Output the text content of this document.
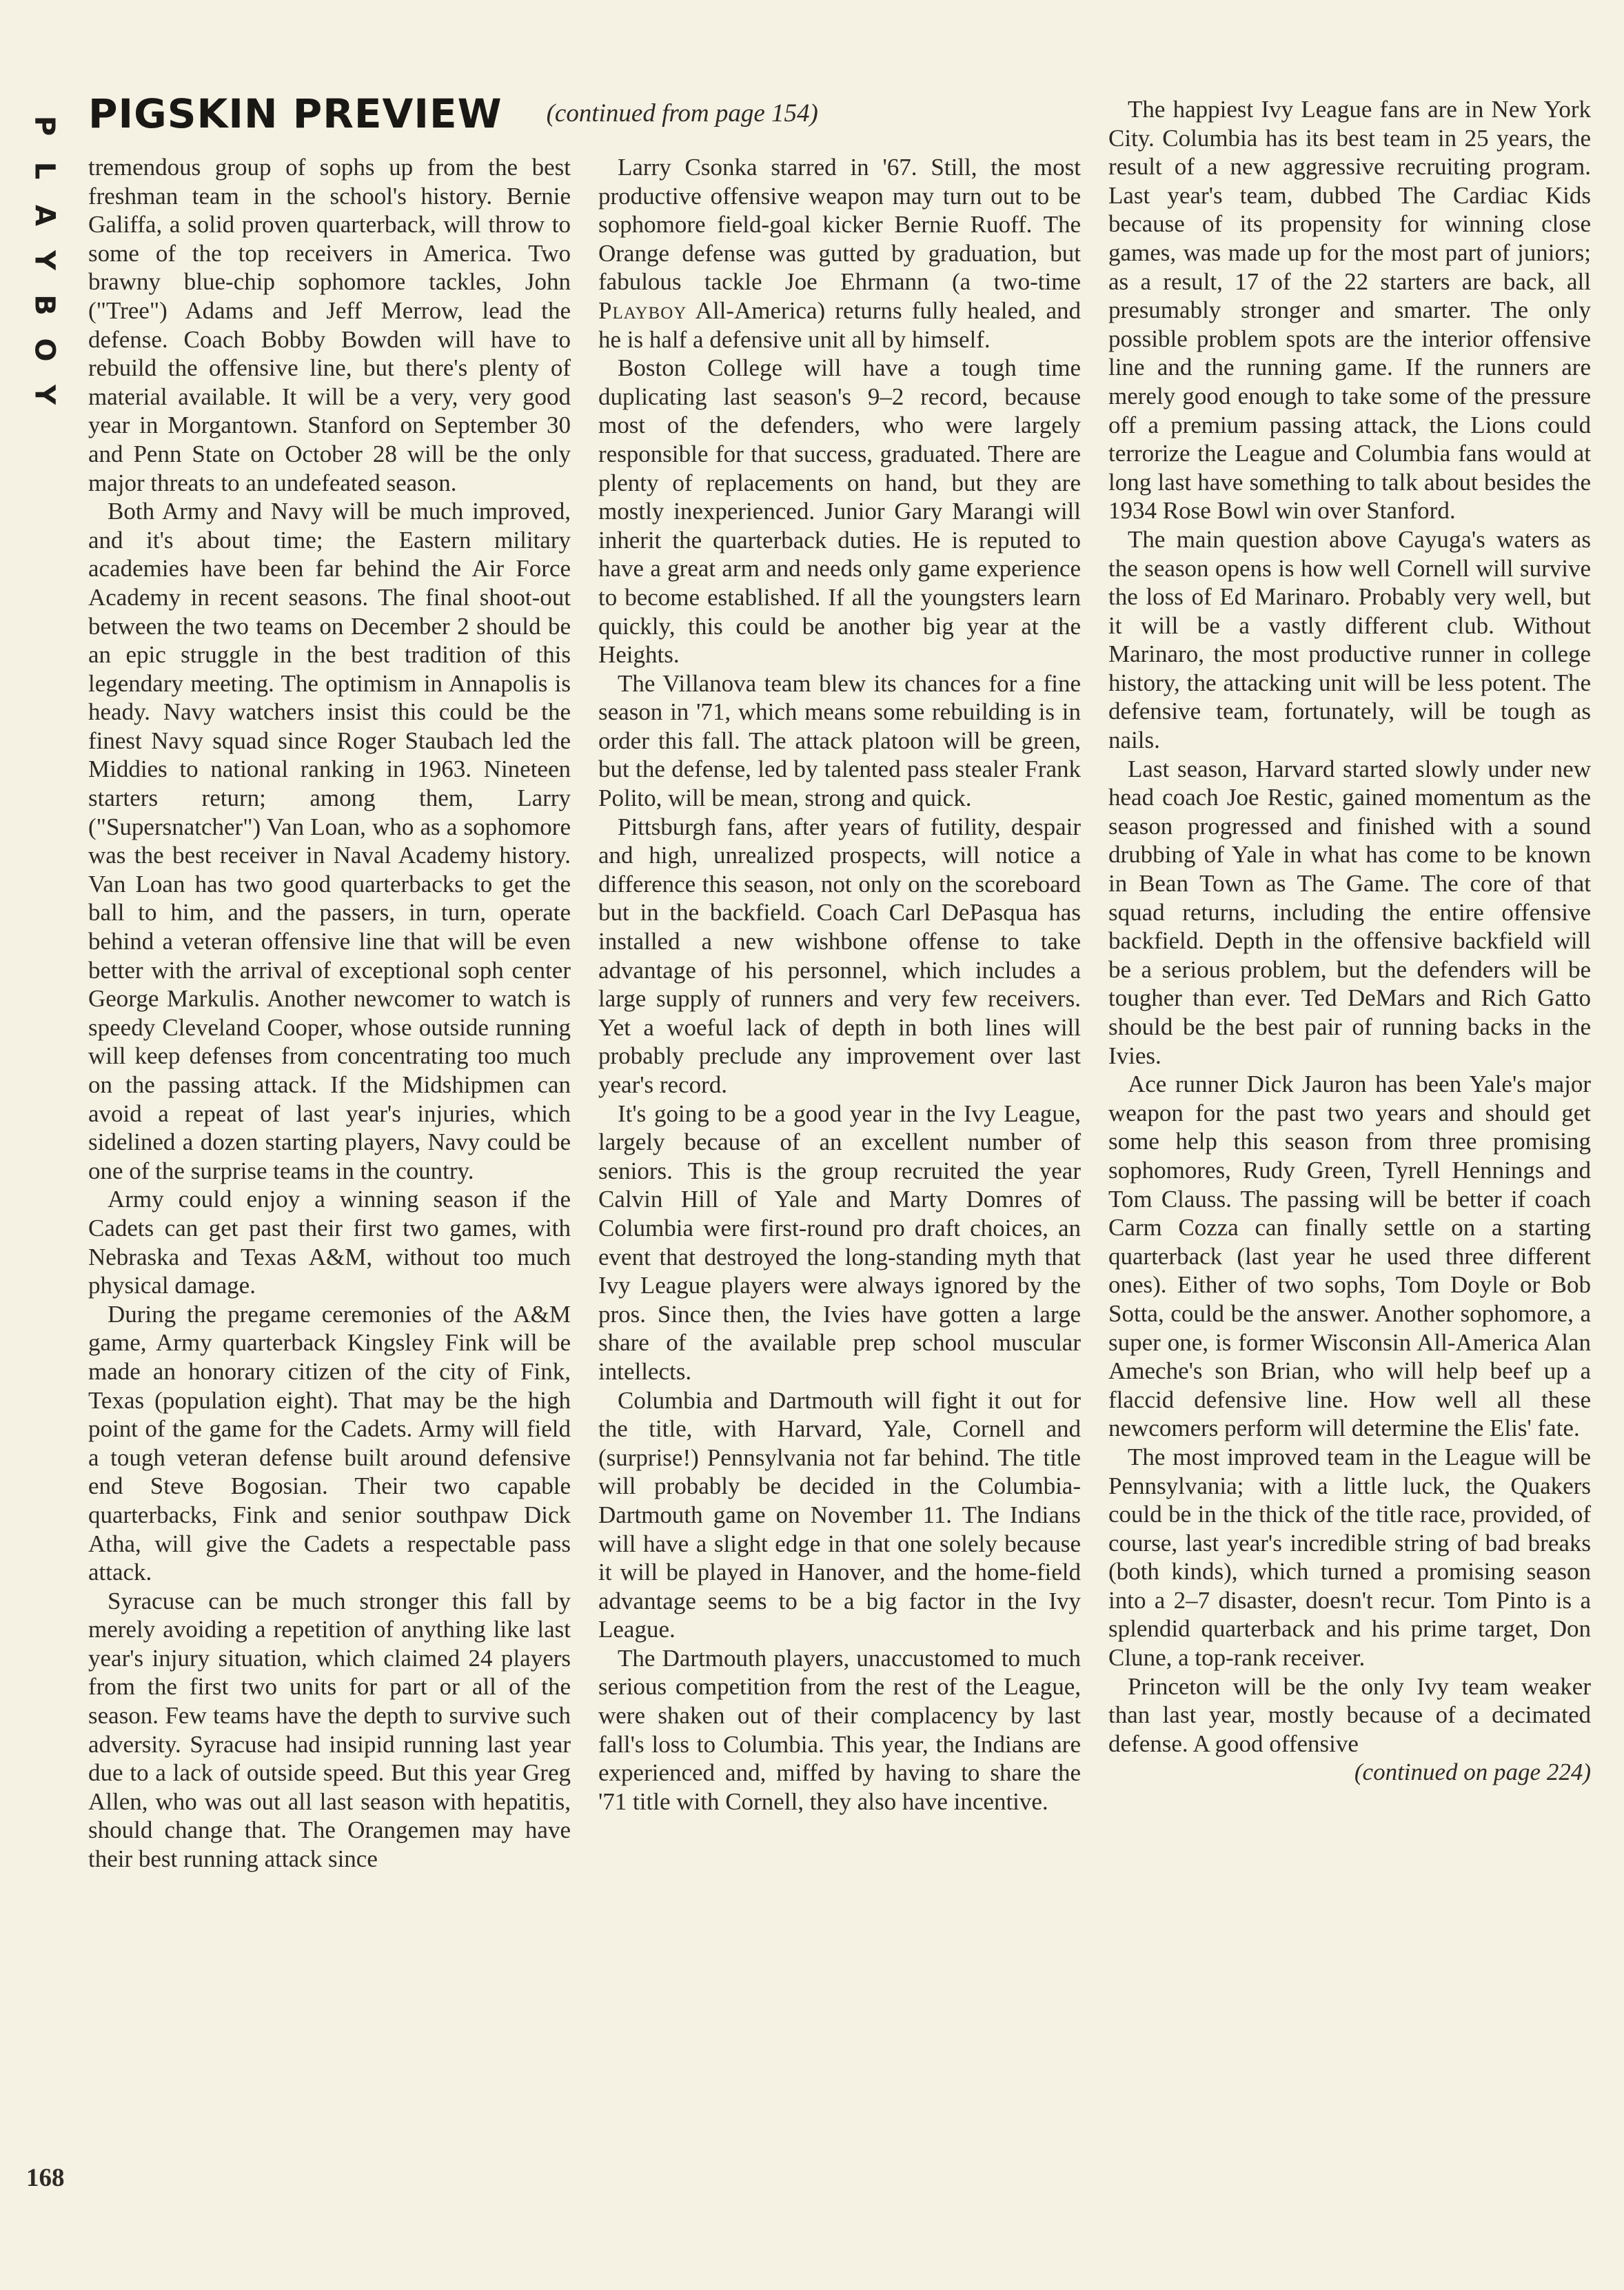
P
L
A
Y
B
O
Y
PIGSKIN PREVIEW (continued from page 154)

tremendous group of sophs up from the best freshman team in the school's history. Bernie Galiffa, a solid proven quarterback, will throw to some of the top receivers in America. Two brawny blue-chip sophomore tackles, John ("Tree") Adams and Jeff Merrow, lead the defense. Coach Bobby Bowden will have to rebuild the offensive line, but there's plenty of material available. It will be a very, very good year in Morgantown. Stanford on September 30 and Penn State on October 28 will be the only major threats to an undefeated season.

Both Army and Navy will be much improved, and it's about time; the Eastern military academies have been far behind the Air Force Academy in recent seasons. The final shoot-out between the two teams on December 2 should be an epic struggle in the best tradition of this legendary meeting. The optimism in Annapolis is heady. Navy watchers insist this could be the finest Navy squad since Roger Staubach led the Middies to national ranking in 1963. Nineteen starters return; among them, Larry ("Supersnatcher") Van Loan, who as a sophomore was the best receiver in Naval Academy history. Van Loan has two good quarterbacks to get the ball to him, and the passers, in turn, operate behind a veteran offensive line that will be even better with the arrival of exceptional soph center George Markulis. Another newcomer to watch is speedy Cleveland Cooper, whose outside running will keep defenses from concentrating too much on the passing attack. If the Midshipmen can avoid a repeat of last year's injuries, which sidelined a dozen starting players, Navy could be one of the surprise teams in the country.

Army could enjoy a winning season if the Cadets can get past their first two games, with Nebraska and Texas A&M, without too much physical damage.

During the pregame ceremonies of the A&M game, Army quarterback Kingsley Fink will be made an honorary citizen of the city of Fink, Texas (population eight). That may be the high point of the game for the Cadets. Army will field a tough veteran defense built around defensive end Steve Bogosian. Their two capable quarterbacks, Fink and senior southpaw Dick Atha, will give the Cadets a respectable pass attack.

Syracuse can be much stronger this fall by merely avoiding a repetition of anything like last year's injury situation, which claimed 24 players from the first two units for part or all of the season. Few teams have the depth to survive such adversity. Syracuse had insipid running last year due to a lack of outside speed. But this year Greg Allen, who was out all last season with hepatitis, should change that. The Orangemen may have their best running attack since

Larry Csonka starred in '67. Still, the most productive offensive weapon may turn out to be sophomore field-goal kicker Bernie Ruoff. The Orange defense was gutted by graduation, but fabulous tackle Joe Ehrmann (a two-time Playboy All-America) returns fully healed, and he is half a defensive unit all by himself.

Boston College will have a tough time duplicating last season's 9–2 record, because most of the defenders, who were largely responsible for that success, graduated. There are plenty of replacements on hand, but they are mostly inexperienced. Junior Gary Marangi will inherit the quarterback duties. He is reputed to have a great arm and needs only game experience to become established. If all the youngsters learn quickly, this could be another big year at the Heights.

The Villanova team blew its chances for a fine season in '71, which means some rebuilding is in order this fall. The attack platoon will be green, but the defense, led by talented pass stealer Frank Polito, will be mean, strong and quick.

Pittsburgh fans, after years of futility, despair and high, unrealized prospects, will notice a difference this season, not only on the scoreboard but in the backfield. Coach Carl DePasqua has installed a new wishbone offense to take advantage of his personnel, which includes a large supply of runners and very few receivers. Yet a woeful lack of depth in both lines will probably preclude any improvement over last year's record.

It's going to be a good year in the Ivy League, largely because of an excellent number of seniors. This is the group recruited the year Calvin Hill of Yale and Marty Domres of Columbia were first-round pro draft choices, an event that destroyed the long-standing myth that Ivy League players were always ignored by the pros. Since then, the Ivies have gotten a large share of the available prep school muscular intellects.

Columbia and Dartmouth will fight it out for the title, with Harvard, Yale, Cornell and (surprise!) Pennsylvania not far behind. The title will probably be decided in the Columbia-Dartmouth game on November 11. The Indians will have a slight edge in that one solely because it will be played in Hanover, and the home-field advantage seems to be a big factor in the Ivy League.

The Dartmouth players, unaccustomed to much serious competition from the rest of the League, were shaken out of their complacency by last fall's loss to Columbia. This year, the Indians are experienced and, miffed by having to share the '71 title with Cornell, they also have incentive.

The happiest Ivy League fans are in New York City. Columbia has its best team in 25 years, the result of a new aggressive recruiting program. Last year's team, dubbed The Cardiac Kids because of its propensity for winning close games, was made up for the most part of juniors; as a result, 17 of the 22 starters are back, all presumably stronger and smarter. The only possible problem spots are the interior offensive line and the running game. If the runners are merely good enough to take some of the pressure off a premium passing attack, the Lions could terrorize the League and Columbia fans would at long last have something to talk about besides the 1934 Rose Bowl win over Stanford.

The main question above Cayuga's waters as the season opens is how well Cornell will survive the loss of Ed Marinaro. Probably very well, but it will be a vastly different club. Without Marinaro, the most productive runner in college history, the attacking unit will be less potent. The defensive team, fortunately, will be tough as nails.

Last season, Harvard started slowly under new head coach Joe Restic, gained momentum as the season progressed and finished with a sound drubbing of Yale in what has come to be known in Bean Town as The Game. The core of that squad returns, including the entire offensive backfield. Depth in the offensive backfield will be a serious problem, but the defenders will be tougher than ever. Ted DeMars and Rich Gatto should be the best pair of running backs in the Ivies.

Ace runner Dick Jauron has been Yale's major weapon for the past two years and should get some help this season from three promising sophomores, Rudy Green, Tyrell Hennings and Tom Clauss. The passing will be better if coach Carm Cozza can finally settle on a starting quarterback (last year he used three different ones). Either of two sophs, Tom Doyle or Bob Sotta, could be the answer. Another sophomore, a super one, is former Wisconsin All-America Alan Ameche's son Brian, who will help beef up a flaccid defensive line. How well all these newcomers perform will determine the Elis' fate.

The most improved team in the League will be Pennsylvania; with a little luck, the Quakers could be in the thick of the title race, provided, of course, last year's incredible string of bad breaks (both kinds), which turned a promising season into a 2–7 disaster, doesn't recur. Tom Pinto is a splendid quarterback and his prime target, Don Clune, a top-rank receiver.

Princeton will be the only Ivy team weaker than last year, mostly because of a decimated defense. A good offensive

(continued on page 224)

168
